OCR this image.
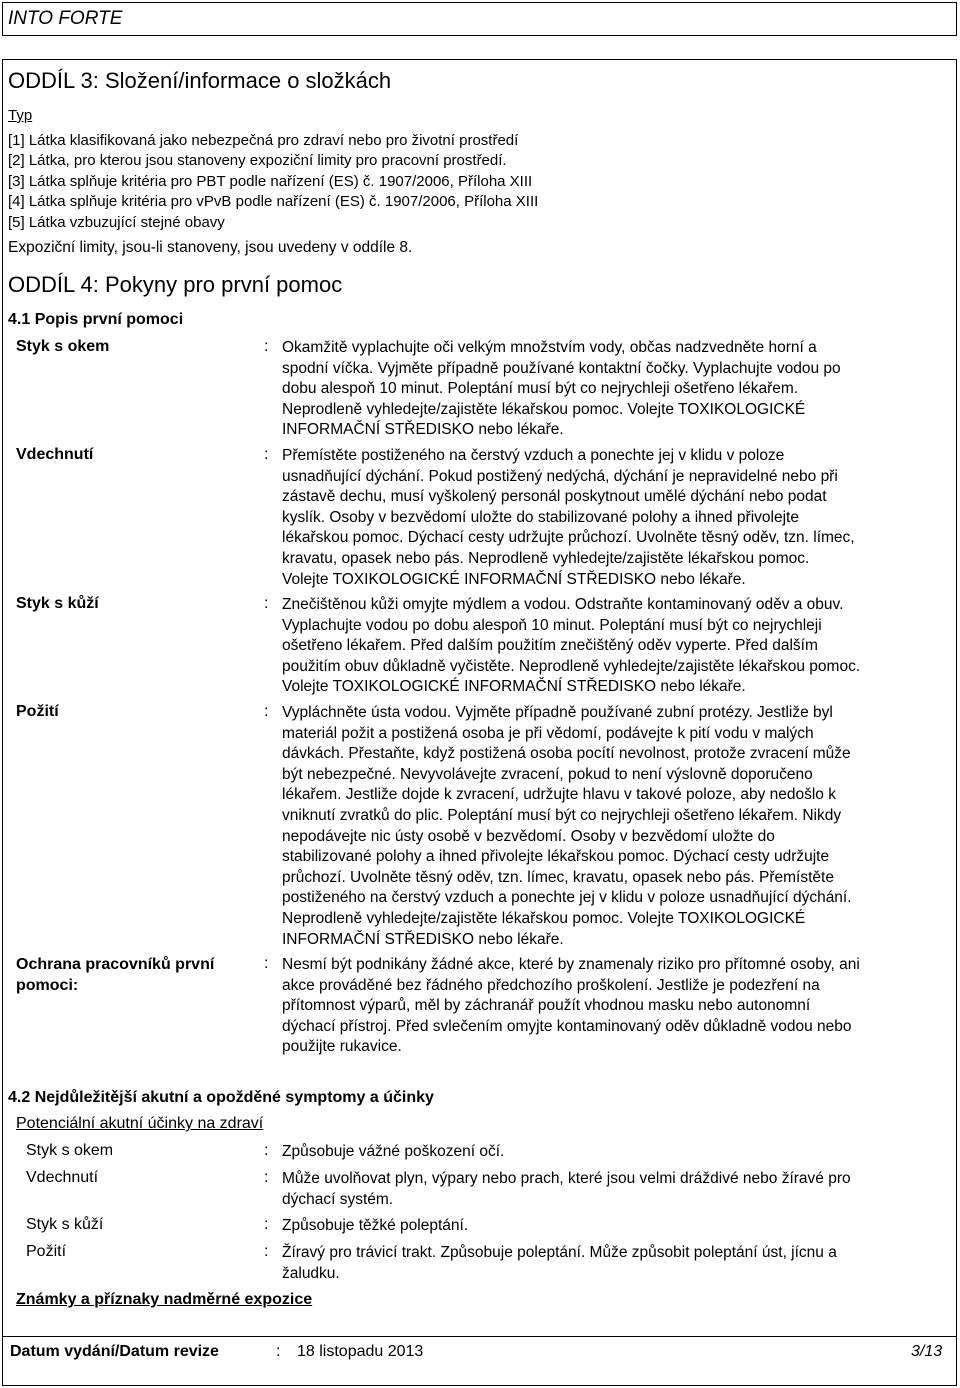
INTO FORTE
ODDÍL 3: Složení/informace o složkách
Typ
[1] Látka klasifikovaná jako nebezpečná pro zdraví nebo pro životní prostředí
[2] Látka, pro kterou jsou stanoveny expoziční limity pro pracovní prostředí.
[3] Látka splňuje kritéria pro PBT podle nařízení (ES) č. 1907/2006, Příloha XIII
[4] Látka splňuje kritéria pro vPvB podle nařízení (ES) č. 1907/2006, Příloha XIII
[5] Látka vzbuzující stejné obavy
Expoziční limity, jsou-li stanoveny, jsou uvedeny v oddíle 8.
ODDÍL 4: Pokyny pro první pomoc
4.1 Popis první pomoci
Styk s okem	: Okamžitě vyplachujte oči velkým množstvím vody, občas nadzvedněte horní a
spodní víčka. Vyjměte případně používané kontaktní čočky. Vyplachujte vodou po
dobu alespoň 10 minut. Poleptání musí být co nejrychleji ošetřeno lékařem.
Neprodleně vyhledejte/zajistěte lékařskou pomoc. Volejte TOXIKOLOGICKÉ
INFORMAČNÍ STŘEDISKO nebo lékaře.
Vdechnutí	: Přemístěte postiženého na čerstvý vzduch a ponechte jej v klidu v poloze
usnadňující dýchání. Pokud postižený nedýchá, dýchání je nepravidelné nebo při
zástavě dechu, musí vyškolený personál poskytnout umělé dýchání nebo podat
kyslík. Osoby v bezvědomí uložte do stabilizované polohy a ihned přivolejte
lékařskou pomoc. Dýchací cesty udržujte průchozí. Uvolněte těsný oděv, tzn. límec,
kravatu, opasek nebo pás. Neprodleně vyhledejte/zajistěte lékařskou pomoc.
Volejte TOXIKOLOGICKÉ INFORMAČNÍ STŘEDISKO nebo lékaře.
Styk s kůží	: Znečištěnou kůži omyjte mýdlem a vodou. Odstraňte kontaminovaný oděv a obuv.
Vyplachujte vodou po dobu alespoň 10 minut. Poleptání musí být co nejrychleji
ošetřeno lékařem. Před dalším použitím znečištěný oděv vyperte. Před dalším
použitím obuv důkladně vyčistěte. Neprodleně vyhledejte/zajistěte lékařskou pomoc.
Volejte TOXIKOLOGICKÉ INFORMAČNÍ STŘEDISKO nebo lékaře.
Požití	: Vypláchněte ústa vodou. Vyjměte případně používané zubní protézy. Jestliže byl
materiál požit a postižená osoba je při vědomí, podávejte k pití vodu v malých
dávkách. Přestaňte, když postižená osoba pocítí nevolnost, protože zvracení může
být nebezpečné. Nevyvolávejte zvracení, pokud to není výslovně doporučeno
lékařem. Jestliže dojde k zvracení, udržujte hlavu v takové poloze, aby nedošlo k
vniknutí zvratků do plic. Poleptání musí být co nejrychleji ošetřeno lékařem. Nikdy
nepodávejte nic ústy osobě v bezvědomí. Osoby v bezvědomí uložte do
stabilizované polohy a ihned přivolejte lékařskou pomoc. Dýchací cesty udržujte
průchozí. Uvolněte těsný oděv, tzn. límec, kravatu, opasek nebo pás. Přemístěte
postiženého na čerstvý vzduch a ponechte jej v klidu v poloze usnadňující dýchání.
Neprodleně vyhledejte/zajistěte lékařskou pomoc. Volejte TOXIKOLOGICKÉ
INFORMAČNÍ STŘEDISKO nebo lékaře.
Ochrana pracovníků první
pomoci:
: Nesmí být podnikány žádné akce, které by znamenaly riziko pro přítomné osoby, ani
akce prováděné bez řádného předchozího proškolení. Jestliže je podezření na
přítomnost výparů, měl by záchranář použít vhodnou masku nebo autonomní
dýchací přístroj. Před svlečením omyjte kontaminovaný oděv důkladně vodou nebo
použijte rukavice.
4.2 Nejdůležitější akutní a opožděné symptomy a účinky
Potenciální akutní účinky na zdraví
Styk s okem	: Způsobuje vážné poškození očí.
Vdechnutí	: Může uvolňovat plyn, výpary nebo prach, které jsou velmi dráždivé nebo žíravé pro
dýchací systém.
Styk s kůží	: Způsobuje těžké poleptání.
Požití	: Žíravý pro trávicí trakt. Způsobuje poleptání. Může způsobit poleptání úst, jícnu a
žaludku.
Známky a příznaky nadměrné expozice
Datum vydání/Datum revize	: 18 listopadu 2013	3/13
